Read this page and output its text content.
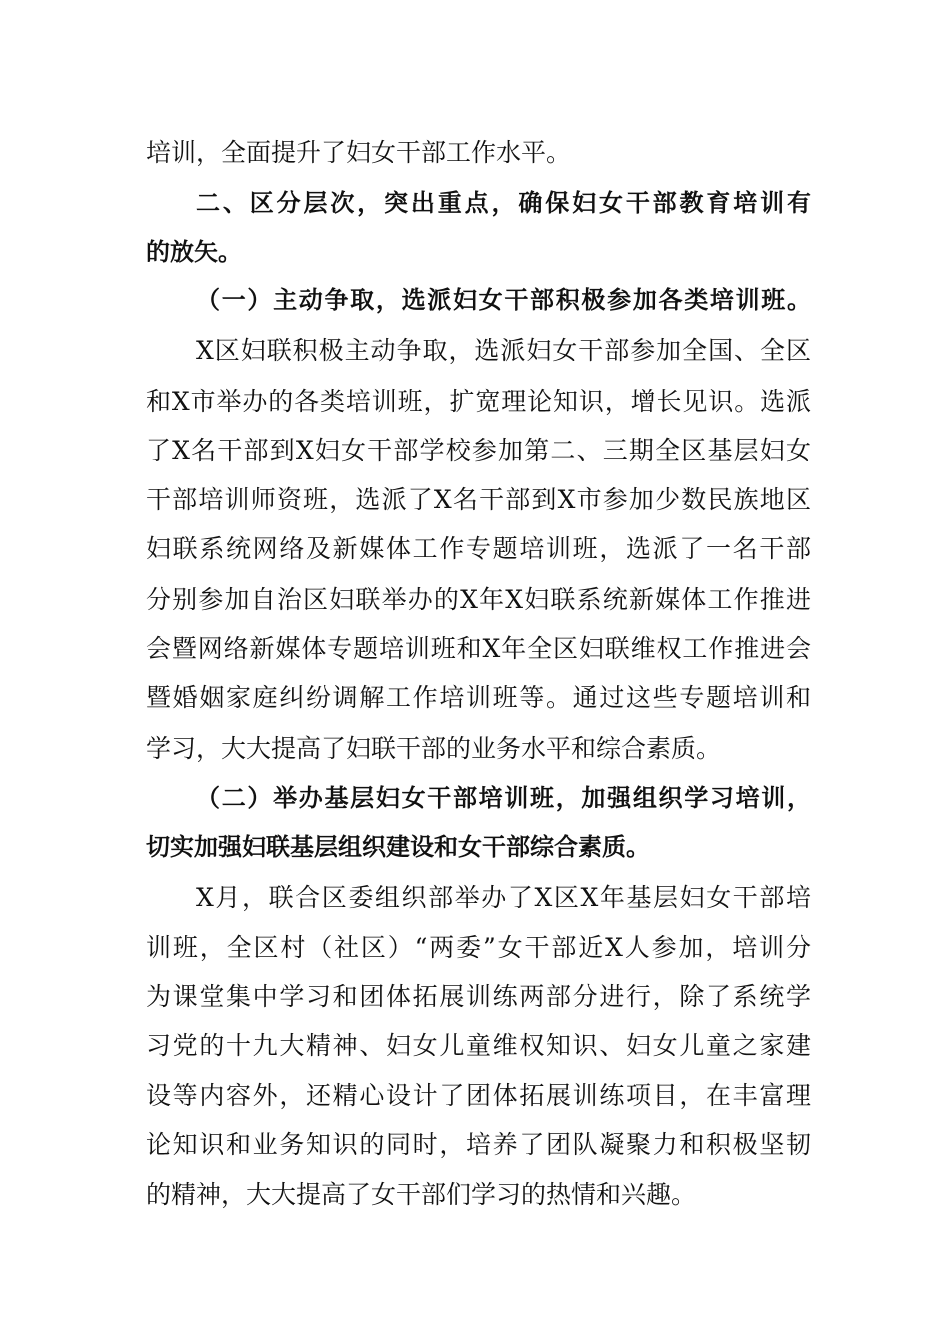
培训，全面提升了妇女干部工作水平。
二、区分层次，突出重点，确保妇女干部教育培训有
的放矢。
（一）主动争取，选派妇女干部积极参加各类培训班。
X区妇联积极主动争取，选派妇女干部参加全国、全区
和X市举办的各类培训班，扩宽理论知识，增长见识。选派
了X名干部到X妇女干部学校参加第二、三期全区基层妇女
干部培训师资班，选派了X名干部到X市参加少数民族地区
妇联系统网络及新媒体工作专题培训班，选派了一名干部
分别参加自治区妇联举办的X年X妇联系统新媒体工作推进
会暨网络新媒体专题培训班和X年全区妇联维权工作推进会
暨婚姻家庭纠纷调解工作培训班等。通过这些专题培训和
学习，大大提高了妇联干部的业务水平和综合素质。
（二）举办基层妇女干部培训班，加强组织学习培训，
切实加强妇联基层组织建设和女干部综合素质。
X月，联合区委组织部举办了X区X年基层妇女干部培
训班，全区村（社区）“两委”女干部近X人参加，培训分
为课堂集中学习和团体拓展训练两部分进行，除了系统学
习党的十九大精神、妇女儿童维权知识、妇女儿童之家建
设等内容外，还精心设计了团体拓展训练项目，在丰富理
论知识和业务知识的同时，培养了团队凝聚力和积极坚韧
的精神，大大提高了女干部们学习的热情和兴趣。
